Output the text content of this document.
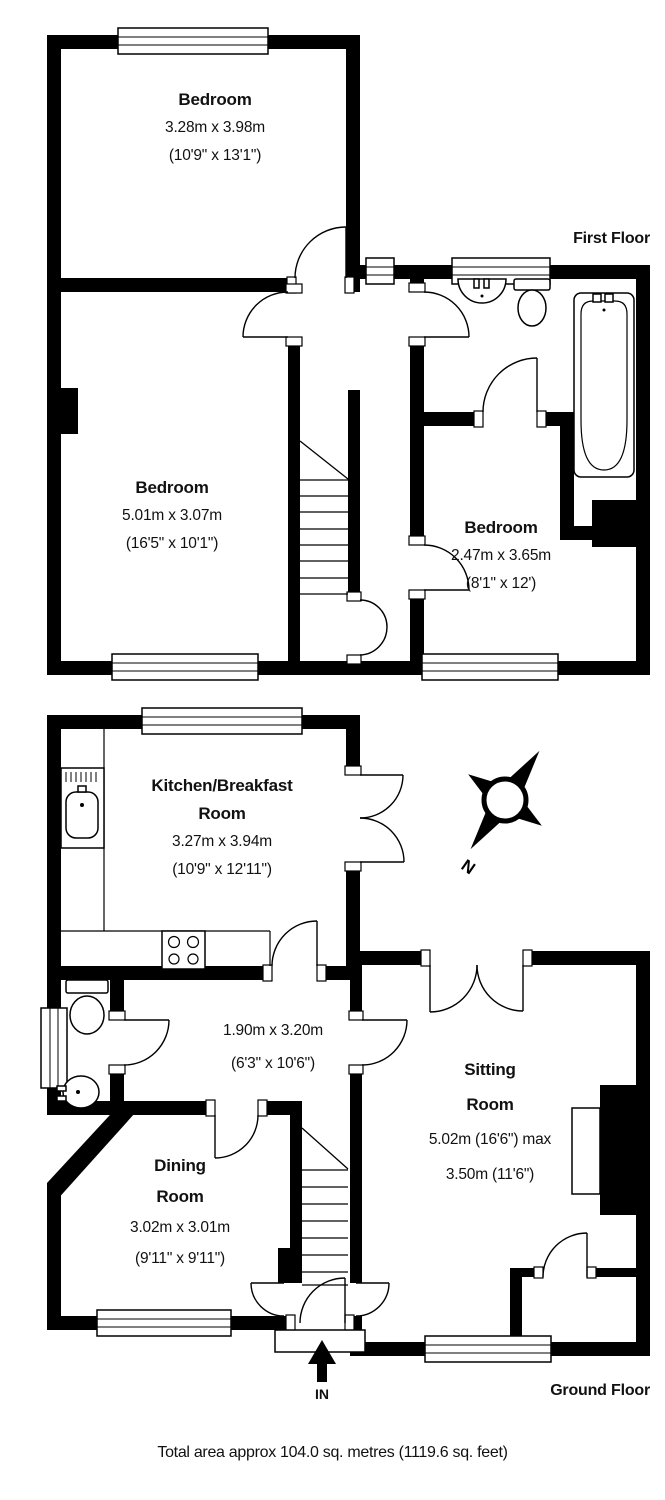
N
Bedroom
3.28m x 3.98m
(10'9" x 13'1")
First Floor
Bedroom
5.01m x 3.07m
(16'5" x 10'1")
Bedroom
2.47m x 3.65m
(8'1" x 12')
Kitchen/Breakfast
Room
3.27m x 3.94m
(10'9" x 12'11")
1.90m x 3.20m
(6'3" x 10'6")	Sitting
Room
5.02m (16'6") max
3.50m (11'6")
Dining
Room
3.02m x 3.01m
(9'11" x 9'11")
IN	Ground Floor
Total area approx 104.0 sq. metres (1119.6 sq. feet)
